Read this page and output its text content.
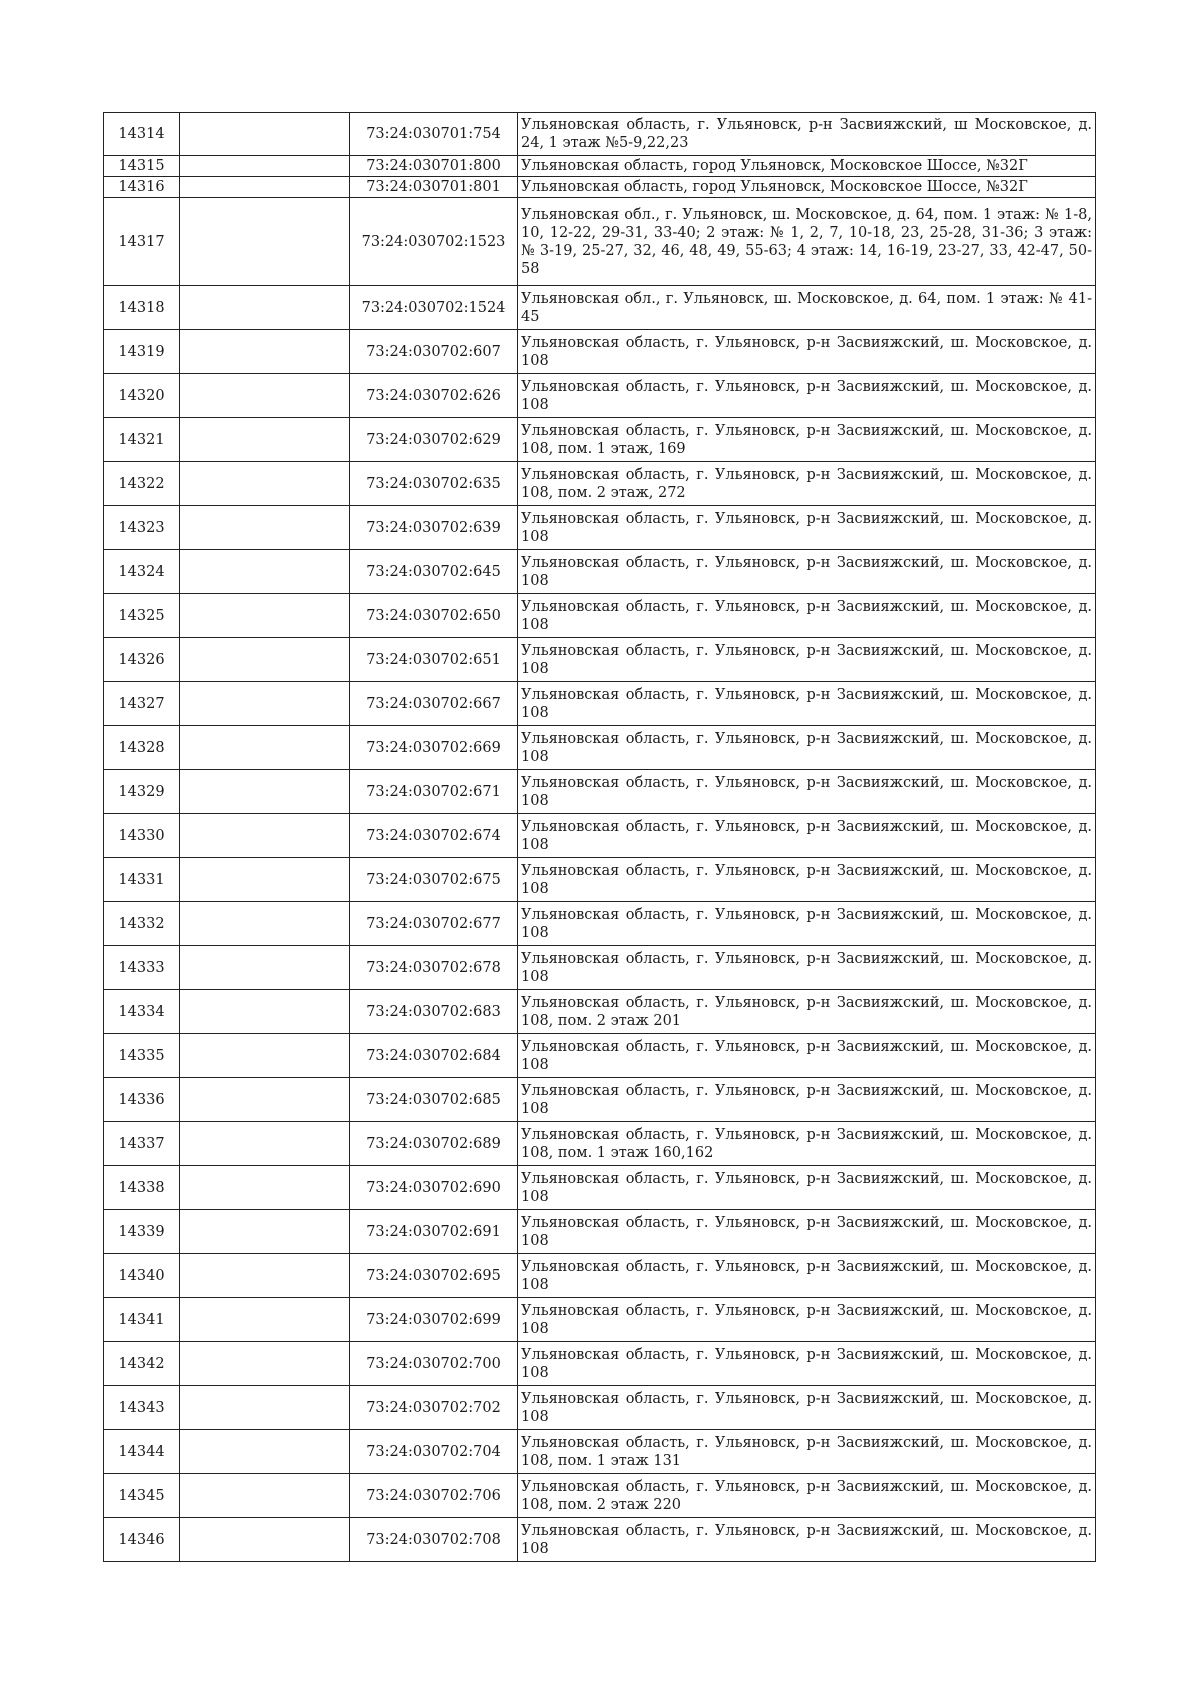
14314		73:24:030701:754	Ульяновская область, г. Ульяновск, р-н Засвияжский, ш Московское, д. 24, 1 этаж №5-9,22,23
14315		73:24:030701:800	Ульяновская область, город Ульяновск, Московское Шоссе, №32Г
14316		73:24:030701:801	Ульяновская область, город Ульяновск, Московское Шоссе, №32Г
14317		73:24:030702:1523	Ульяновская обл., г. Ульяновск, ш. Московское, д. 64, пом. 1 этаж: № 1-8, 10, 12-22, 29-31, 33-40; 2 этаж: № 1, 2, 7, 10-18, 23, 25-28, 31-36; 3 этаж: № 3-19, 25-27, 32, 46, 48, 49, 55-63; 4 этаж: 14, 16-19, 23-27, 33, 42-47, 50-58
14318		73:24:030702:1524	Ульяновская обл., г. Ульяновск, ш. Московское, д. 64, пом. 1 этаж: № 41-45
14319		73:24:030702:607	Ульяновская область, г. Ульяновск, р-н Засвияжский, ш. Московское, д. 108
14320		73:24:030702:626	Ульяновская область, г. Ульяновск, р-н Засвияжский, ш. Московское, д. 108
14321		73:24:030702:629	Ульяновская область, г. Ульяновск, р-н Засвияжский, ш. Московское, д. 108, пом. 1 этаж, 169
14322		73:24:030702:635	Ульяновская область, г. Ульяновск, р-н Засвияжский, ш. Московское, д. 108, пом. 2 этаж, 272
14323		73:24:030702:639	Ульяновская область, г. Ульяновск, р-н Засвияжский, ш. Московское, д. 108
14324		73:24:030702:645	Ульяновская область, г. Ульяновск, р-н Засвияжский, ш. Московское, д. 108
14325		73:24:030702:650	Ульяновская область, г. Ульяновск, р-н Засвияжский, ш. Московское, д. 108
14326		73:24:030702:651	Ульяновская область, г. Ульяновск, р-н Засвияжский, ш. Московское, д. 108
14327		73:24:030702:667	Ульяновская область, г. Ульяновск, р-н Засвияжский, ш. Московское, д. 108
14328		73:24:030702:669	Ульяновская область, г. Ульяновск, р-н Засвияжский, ш. Московское, д. 108
14329		73:24:030702:671	Ульяновская область, г. Ульяновск, р-н Засвияжский, ш. Московское, д. 108
14330		73:24:030702:674	Ульяновская область, г. Ульяновск, р-н Засвияжский, ш. Московское, д. 108
14331		73:24:030702:675	Ульяновская область, г. Ульяновск, р-н Засвияжский, ш. Московское, д. 108
14332		73:24:030702:677	Ульяновская область, г. Ульяновск, р-н Засвияжский, ш. Московское, д. 108
14333		73:24:030702:678	Ульяновская область, г. Ульяновск, р-н Засвияжский, ш. Московское, д. 108
14334		73:24:030702:683	Ульяновская область, г. Ульяновск, р-н Засвияжский, ш. Московское, д. 108, пом. 2 этаж 201
14335		73:24:030702:684	Ульяновская область, г. Ульяновск, р-н Засвияжский, ш. Московское, д. 108
14336		73:24:030702:685	Ульяновская область, г. Ульяновск, р-н Засвияжский, ш. Московское, д. 108
14337		73:24:030702:689	Ульяновская область, г. Ульяновск, р-н Засвияжский, ш. Московское, д. 108, пом. 1 этаж 160,162
14338		73:24:030702:690	Ульяновская область, г. Ульяновск, р-н Засвияжский, ш. Московское, д. 108
14339		73:24:030702:691	Ульяновская область, г. Ульяновск, р-н Засвияжский, ш. Московское, д. 108
14340		73:24:030702:695	Ульяновская область, г. Ульяновск, р-н Засвияжский, ш. Московское, д. 108
14341		73:24:030702:699	Ульяновская область, г. Ульяновск, р-н Засвияжский, ш. Московское, д. 108
14342		73:24:030702:700	Ульяновская область, г. Ульяновск, р-н Засвияжский, ш. Московское, д. 108
14343		73:24:030702:702	Ульяновская область, г. Ульяновск, р-н Засвияжский, ш. Московское, д. 108
14344		73:24:030702:704	Ульяновская область, г. Ульяновск, р-н Засвияжский, ш. Московское, д. 108, пом. 1 этаж 131
14345		73:24:030702:706	Ульяновская область, г. Ульяновск, р-н Засвияжский, ш. Московское, д. 108, пом. 2 этаж 220
14346		73:24:030702:708	Ульяновская область, г. Ульяновск, р-н Засвияжский, ш. Московское, д. 108
